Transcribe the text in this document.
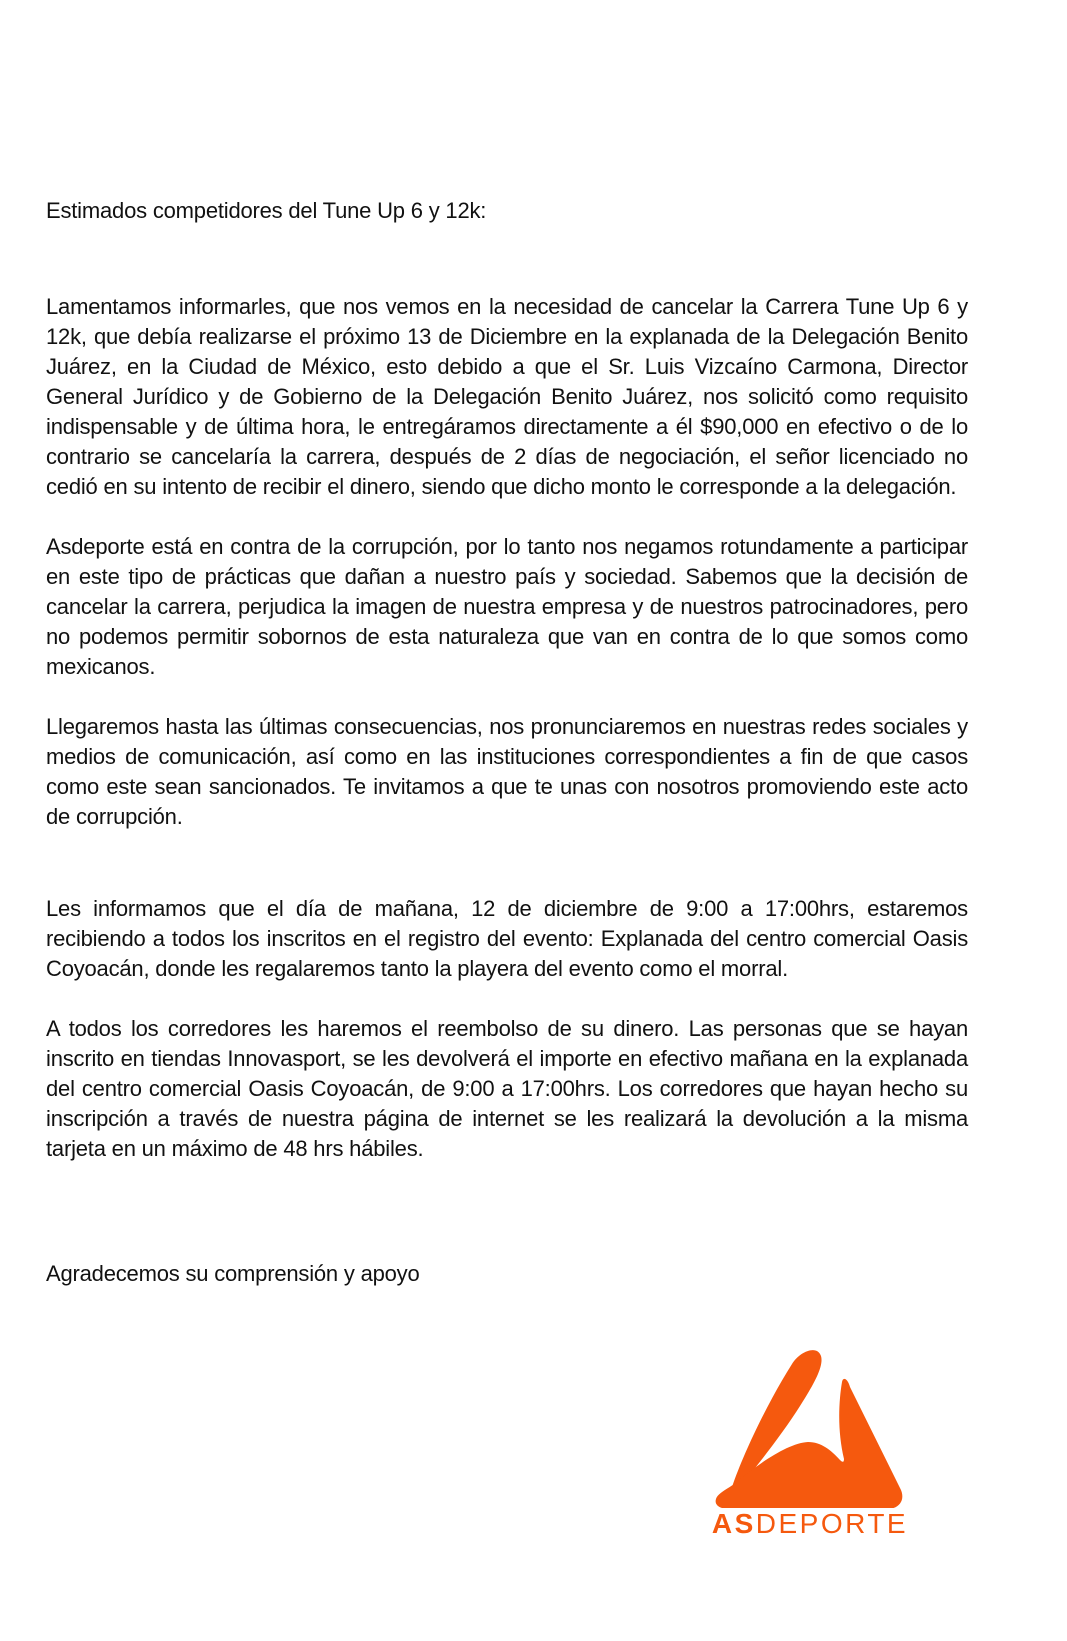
Estimados competidores del Tune Up 6 y 12k:

Lamentamos informarles, que nos vemos en la necesidad de cancelar la Carrera Tune Up 6 y 12k, que debía realizarse el próximo 13 de Diciembre en la explanada de la Delegación Benito Juárez, en la Ciudad de México, esto debido a que el Sr. Luis Vizcaíno Carmona, Director General Jurídico y de Gobierno de la Delegación Benito Juárez, nos solicitó como requisito indispensable y de última hora, le entregáramos directamente a él $90,000 en efectivo o de lo contrario se cancelaría la carrera, después de 2 días de negociación, el señor licenciado no cedió en su intento de recibir el dinero, siendo que dicho monto le corresponde a la delegación.

Asdeporte está en contra de la corrupción, por lo tanto nos negamos rotundamente a participar en este tipo de prácticas que dañan a nuestro país y sociedad. Sabemos que la decisión de cancelar la carrera, perjudica la imagen de nuestra empresa y de nuestros patrocinadores, pero no podemos permitir sobornos de esta naturaleza que van en contra de lo que somos como mexicanos.

Llegaremos hasta las últimas consecuencias, nos pronunciaremos en nuestras redes sociales y medios de comunicación, así como en las instituciones correspondientes a fin de que casos como este sean sancionados. Te invitamos a que te unas con nosotros promoviendo este acto de corrupción.

Les informamos que el día de mañana, 12 de diciembre de 9:00 a 17:00hrs, estaremos recibiendo a todos los inscritos en el registro del evento: Explanada del centro comercial Oasis Coyoacán, donde les regalaremos tanto la playera del evento como el morral.

A todos los corredores les haremos el reembolso de su dinero. Las personas que se hayan inscrito en tiendas Innovasport, se les devolverá el importe en efectivo mañana en la explanada del centro comercial Oasis Coyoacán, de 9:00 a 17:00hrs. Los corredores que hayan hecho su inscripción a través de nuestra página de internet se les realizará la devolución a la misma tarjeta en un máximo de 48 hrs hábiles.

Agradecemos su comprensión y apoyo

ASDEPORTE
